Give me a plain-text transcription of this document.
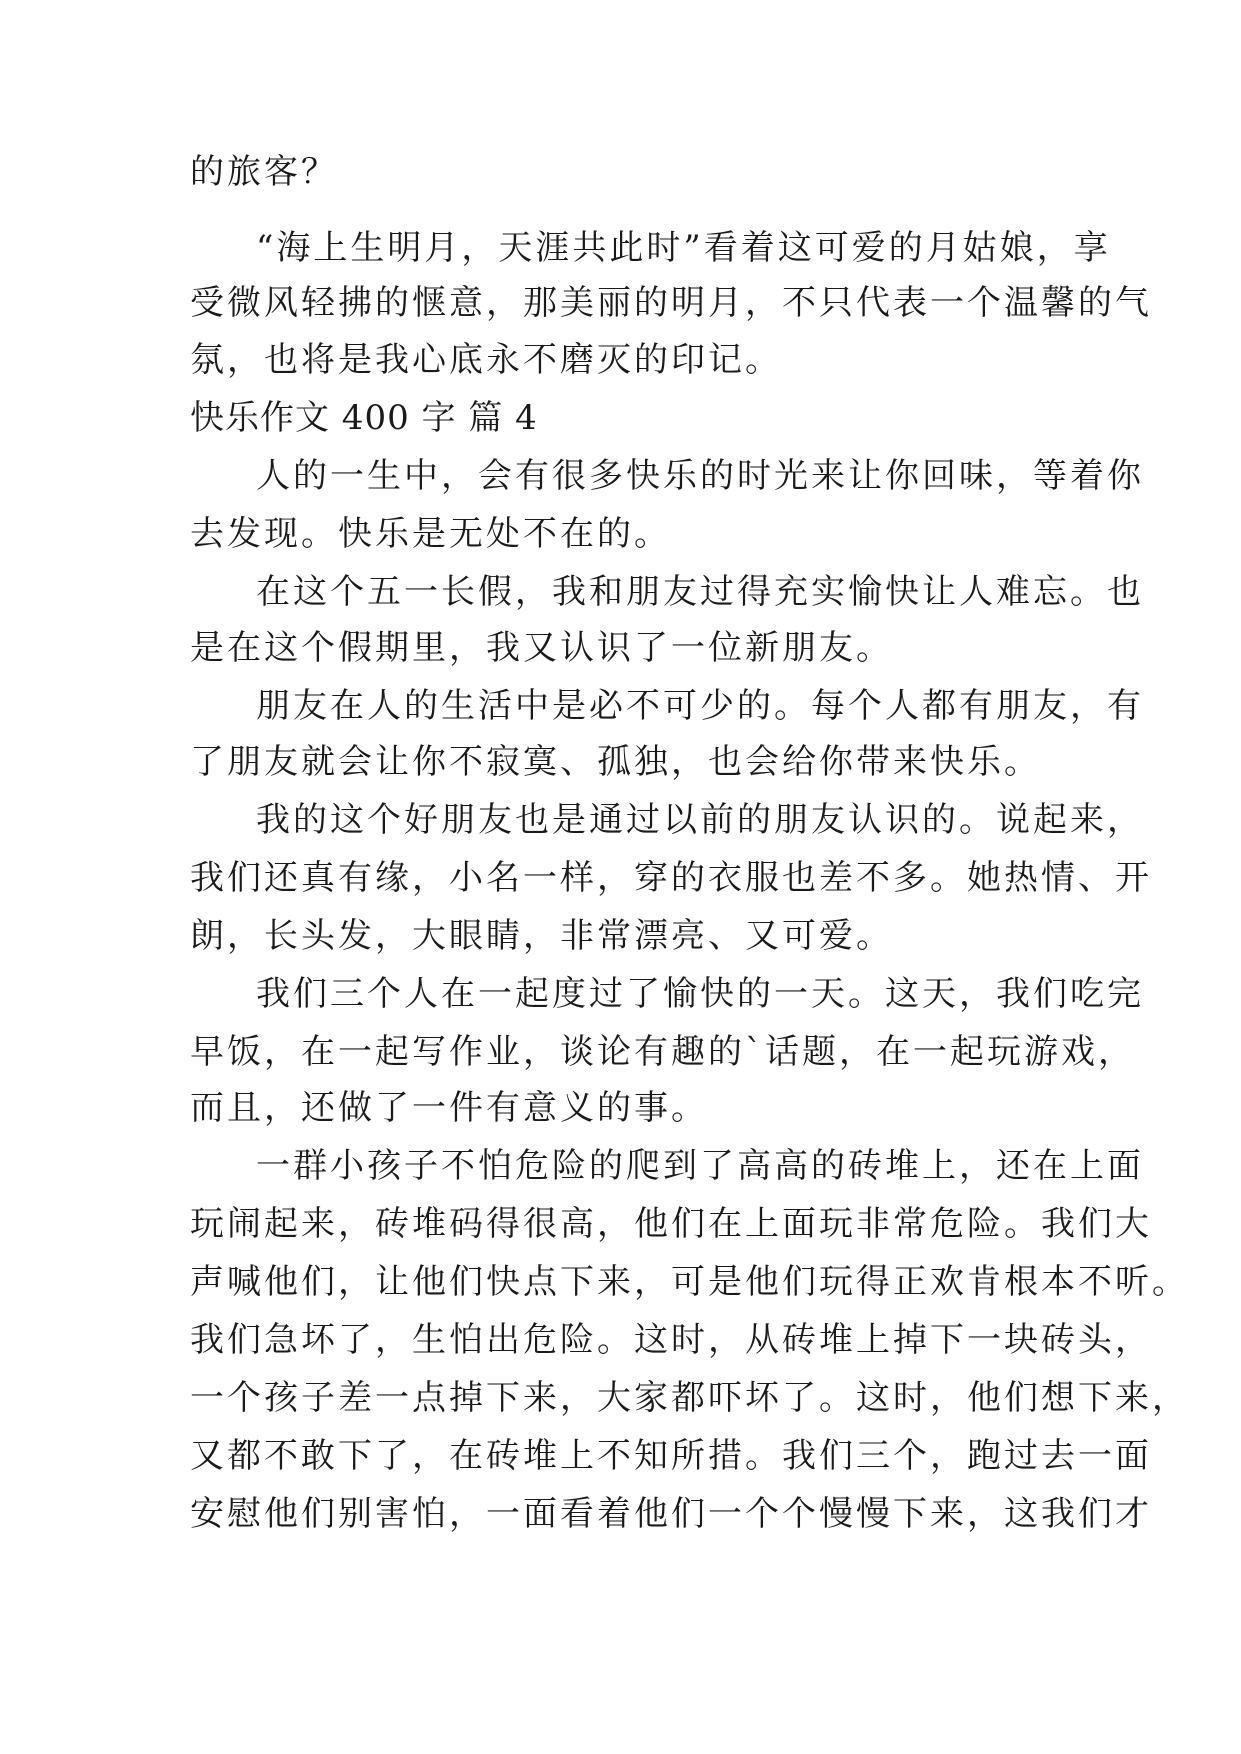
的旅客？
“海上生明月，天涯共此时”看着这可爱的月姑娘，享
受微风轻拂的惬意，那美丽的明月，不只代表一个温馨的气
氛，也将是我心底永不磨灭的印记。
快乐作文 400 字 篇 4
人的一生中，会有很多快乐的时光来让你回味，等着你
去发现。快乐是无处不在的。
在这个五一长假，我和朋友过得充实愉快让人难忘。也
是在这个假期里，我又认识了一位新朋友。
朋友在人的生活中是必不可少的。每个人都有朋友，有
了朋友就会让你不寂寞、孤独，也会给你带来快乐。
我的这个好朋友也是通过以前的朋友认识的。说起来，
我们还真有缘，小名一样，穿的衣服也差不多。她热情、开
朗，长头发，大眼睛，非常漂亮、又可爱。
我们三个人在一起度过了愉快的一天。这天，我们吃完
早饭，在一起写作业，谈论有趣的`话题，在一起玩游戏，
而且，还做了一件有意义的事。
一群小孩子不怕危险的爬到了高高的砖堆上，还在上面
玩闹起来，砖堆码得很高，他们在上面玩非常危险。我们大
声喊他们，让他们快点下来，可是他们玩得正欢肯根本不听。
我们急坏了，生怕出危险。这时，从砖堆上掉下一块砖头，
一个孩子差一点掉下来，大家都吓坏了。这时，他们想下来，
又都不敢下了，在砖堆上不知所措。我们三个，跑过去一面
安慰他们别害怕，一面看着他们一个个慢慢下来，这我们才
